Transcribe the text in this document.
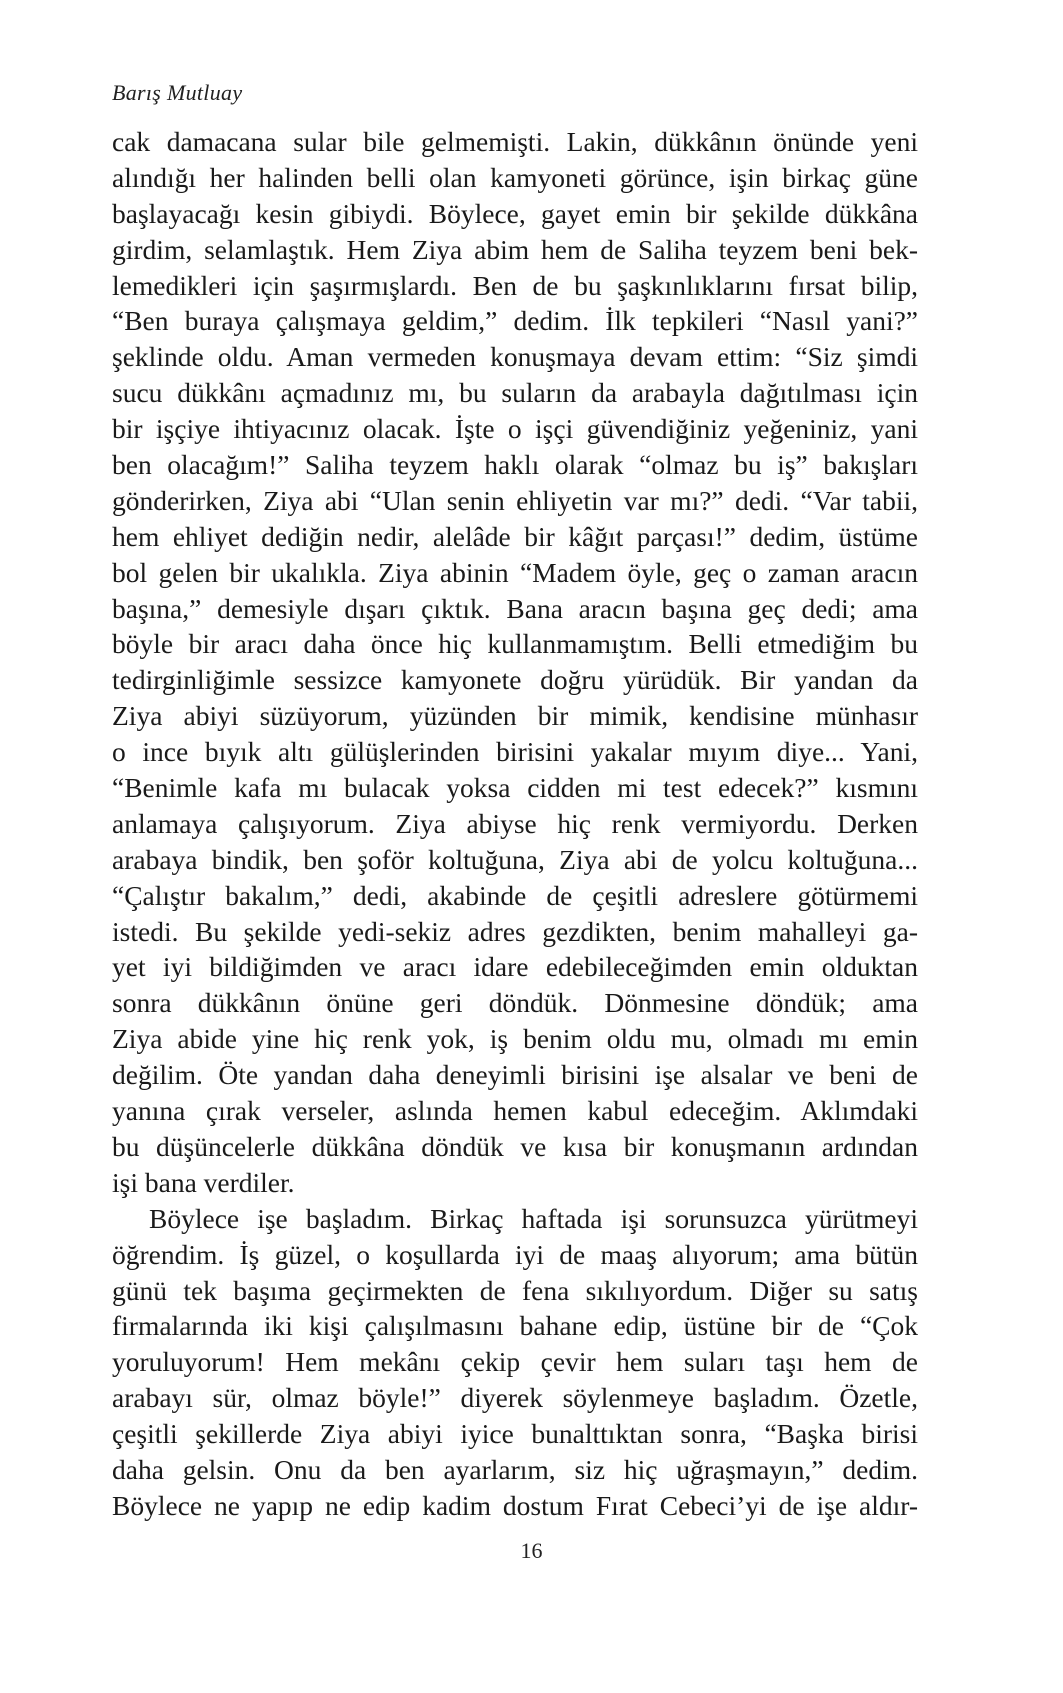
Barış Mutluay
cak damacana sular bile gelmemişti. Lakin, dükkânın önünde yeni
alındığı her halinden belli olan kamyoneti görünce, işin birkaç güne
başlayacağı kesin gibiydi. Böylece, gayet emin bir şekilde dükkâna
girdim, selamlaştık. Hem Ziya abim hem de Saliha teyzem beni bek-
lemedikleri için şaşırmışlardı. Ben de bu şaşkınlıklarını fırsat bilip,
“Ben buraya çalışmaya geldim,” dedim. İlk tepkileri “Nasıl yani?”
şeklinde oldu. Aman vermeden konuşmaya devam ettim: “Siz şimdi
sucu dükkânı açmadınız mı, bu suların da arabayla dağıtılması için
bir işçiye ihtiyacınız olacak. İşte o işçi güvendiğiniz yeğeniniz, yani
ben olacağım!” Saliha teyzem haklı olarak “olmaz bu iş” bakışları
gönderirken, Ziya abi “Ulan senin ehliyetin var mı?” dedi. “Var tabii,
hem ehliyet dediğin nedir, alelâde bir kâğıt parçası!” dedim, üstüme
bol gelen bir ukalıkla. Ziya abinin “Madem öyle, geç o zaman aracın
başına,” demesiyle dışarı çıktık. Bana aracın başına geç dedi; ama
böyle bir aracı daha önce hiç kullanmamıştım. Belli etmediğim bu
tedirginliğimle sessizce kamyonete doğru yürüdük. Bir yandan da
Ziya abiyi süzüyorum, yüzünden bir mimik, kendisine münhasır
o ince bıyık altı gülüşlerinden birisini yakalar mıyım diye... Yani,
“Benimle kafa mı bulacak yoksa cidden mi test edecek?” kısmını
anlamaya çalışıyorum. Ziya abiyse hiç renk vermiyordu. Derken
arabaya bindik, ben şoför koltuğuna, Ziya abi de yolcu koltuğuna...
“Çalıştır bakalım,” dedi, akabinde de çeşitli adreslere götürmemi
istedi. Bu şekilde yedi-sekiz adres gezdikten, benim mahalleyi ga-
yet iyi bildiğimden ve aracı idare edebileceğimden emin olduktan
sonra dükkânın önüne geri döndük. Dönmesine döndük; ama
Ziya abide yine hiç renk yok, iş benim oldu mu, olmadı mı emin
değilim. Öte yandan daha deneyimli birisini işe alsalar ve beni de
yanına çırak verseler, aslında hemen kabul edeceğim. Aklımdaki
bu düşüncelerle dükkâna döndük ve kısa bir konuşmanın ardından
işi bana verdiler.
Böylece işe başladım. Birkaç haftada işi sorunsuzca yürütmeyi
öğrendim. İş güzel, o koşullarda iyi de maaş alıyorum; ama bütün
günü tek başıma geçirmekten de fena sıkılıyordum. Diğer su satış
firmalarında iki kişi çalışılmasını bahane edip, üstüne bir de “Çok
yoruluyorum! Hem mekânı çekip çevir hem suları taşı hem de
arabayı sür, olmaz böyle!” diyerek söylenmeye başladım. Özetle,
çeşitli şekillerde Ziya abiyi iyice bunalttıktan sonra, “Başka birisi
daha gelsin. Onu da ben ayarlarım, siz hiç uğraşmayın,” dedim.
Böylece ne yapıp ne edip kadim dostum Fırat Cebeci’yi de işe aldır-
16
